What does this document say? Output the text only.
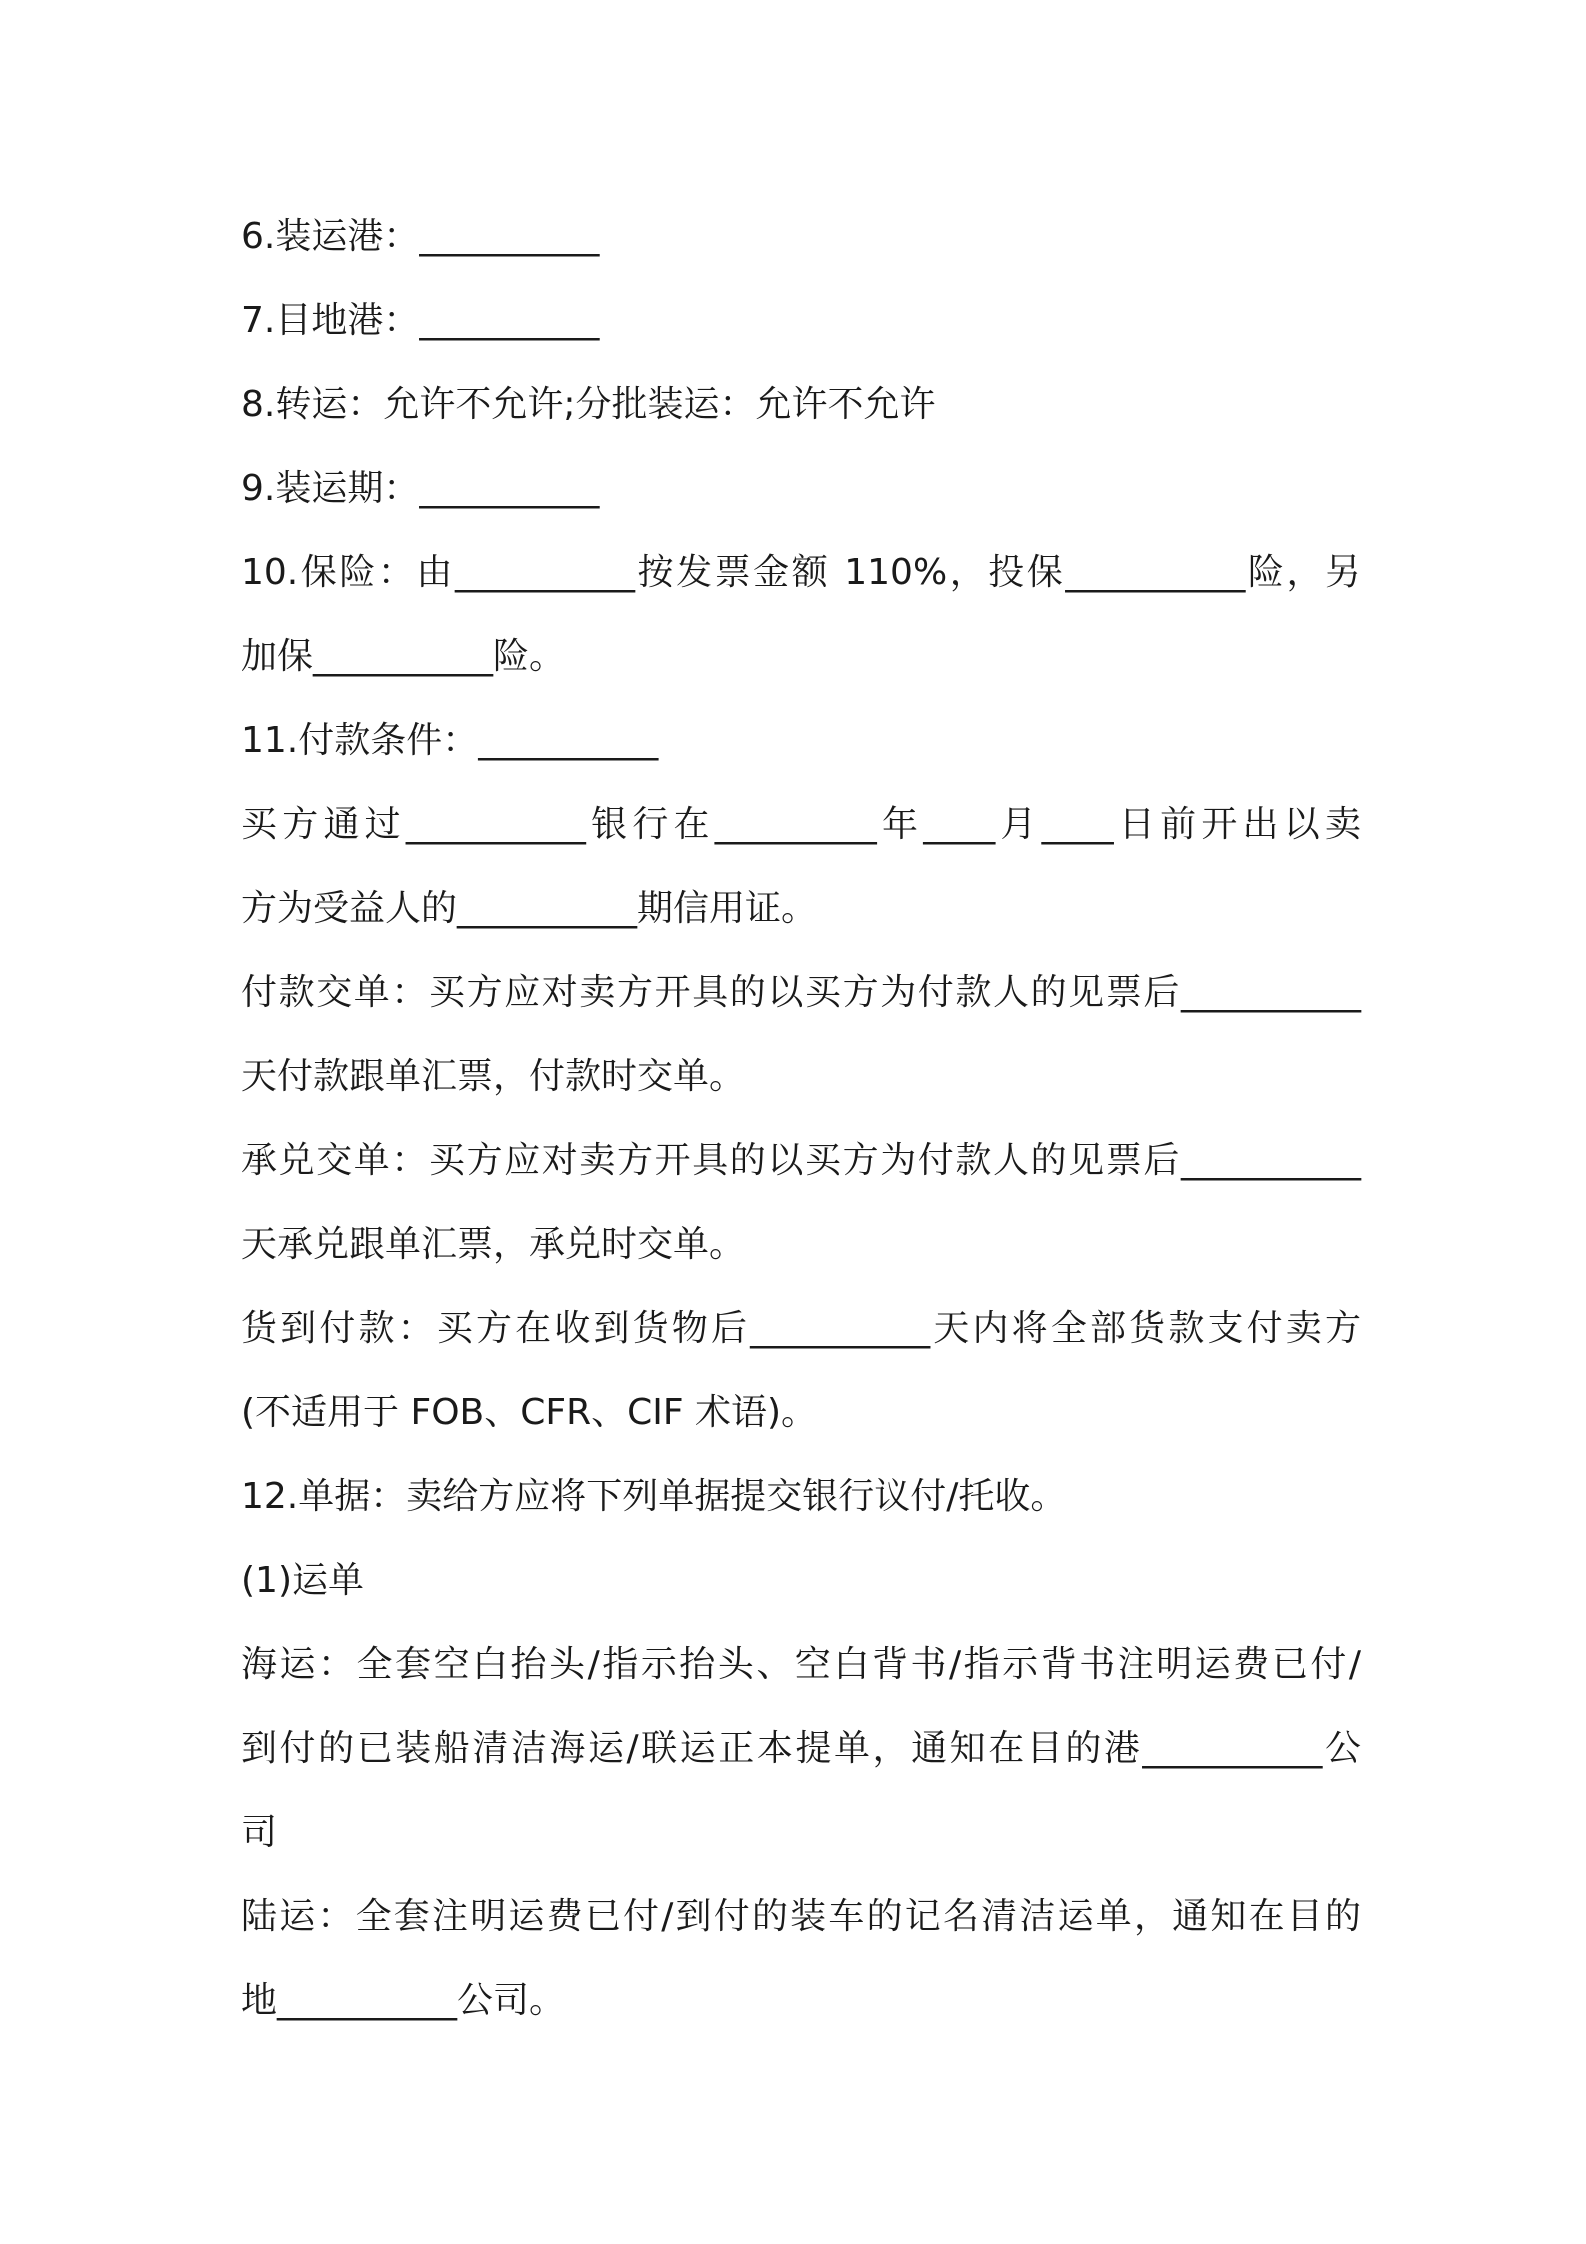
6.装运港：__________
7.目地港：__________
8.转运：允许不允许;分批装运：允许不允许
9.装运期：__________
10.保险：由__________按发票金额 110%，投保__________险，另
加保__________险。
11.付款条件：__________
买方通过__________银行在_________年____月____日前开出以卖
方为受益人的__________期信用证。
付款交单：买方应对卖方开具的以买方为付款人的见票后__________
天付款跟单汇票，付款时交单。
承兑交单：买方应对卖方开具的以买方为付款人的见票后__________
天承兑跟单汇票，承兑时交单。
货到付款：买方在收到货物后__________天内将全部货款支付卖方
(不适用于 FOB、CFR、CIF 术语)。
12.单据：卖给方应将下列单据提交银行议付/托收。
(1)运单
海运：全套空白抬头/指示抬头、空白背书/指示背书注明运费已付/
到付的已装船清洁海运/联运正本提单，通知在目的港__________公
司
陆运：全套注明运费已付/到付的装车的记名清洁运单，通知在目的
地__________公司。
